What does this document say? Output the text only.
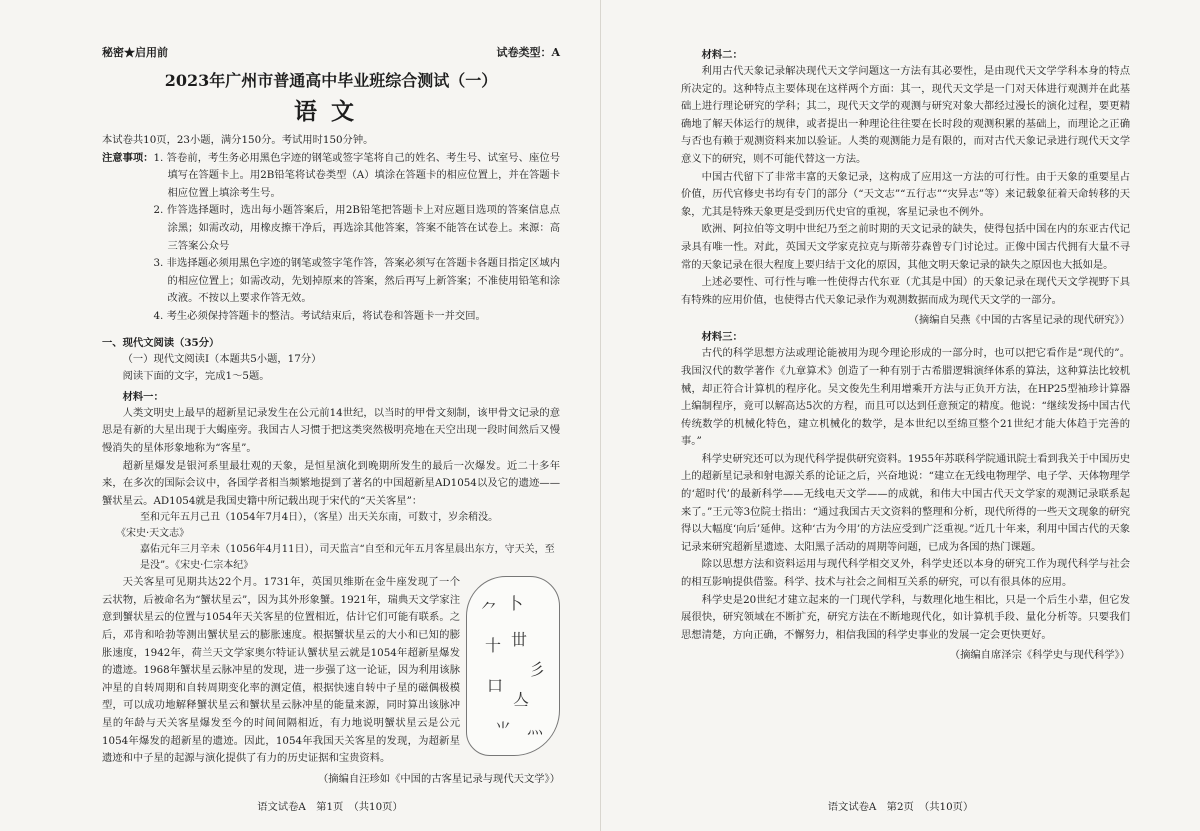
秘密★启用前	试卷类型：A
2023年广州市普通高中毕业班综合测试（一）
语文

本试卷共10页，23小题，满分150分。考试用时150分钟。

注意事项： 1. 答卷前，考生务必用黑色字迹的钢笔或签字笔将自己的姓名、考生号、试室号、座位号填写在答题卡上。用2B铅笔将试卷类型（A）填涂在答题卡的相应位置上，并在答题卡相应位置上填涂考生号。
2. 作答选择题时，选出每小题答案后，用2B铅笔把答题卡上对应题目选项的答案信息点涂黑；如需改动，用橡皮擦干净后，再选涂其他答案，答案不能答在试卷上。来源：高三答案公众号
3. 非选择题必须用黑色字迹的钢笔或签字笔作答，答案必须写在答题卡各题目指定区域内的相应位置上；如需改动，先划掉原来的答案，然后再写上新答案；不准使用铅笔和涂改液。不按以上要求作答无效。
4. 考生必须保持答题卡的整洁。考试结束后，将试卷和答题卡一并交回。
一、现代文阅读（35分）

（一）现代文阅读Ⅰ（本题共5小题，17分）

阅读下面的文字，完成1～5题。

材料一：

人类文明史上最早的超新星记录发生在公元前14世纪，以当时的甲骨文刻制，该甲骨文记录的意思是有新的大星出现于大蝎座旁。我国古人习惯于把这类突然极明亮地在天空出现一段时间然后又慢慢消失的星体形象地称为“客星”。

超新星爆发是银河系里最壮观的天象，是恒星演化到晚期所发生的最后一次爆发。近二十多年来，在多次的国际会议中，各国学者相当频繁地提到了著名的中国超新星AD1054以及它的遗迹——蟹状星云。AD1054就是我国史籍中所记载出现于宋代的“天关客星”：

至和元年五月己丑（1054年7月4日），（客星）出天关东南，可数寸，岁余稍没。

《宋史·天文志》

嘉佑元年三月辛未（1056年4月11日），司天监言“自至和元年五月客星晨出东方，守天关，至是没”。《宋史·仁宗本纪》

⺈ 卜
十 丗
彡
口
亼
⺌ 灬

天关客星可见期共达22个月。1731年，英国贝维斯在金牛座发现了一个云状物，后被命名为“蟹状星云”，因为其外形象蟹。1921年，瑞典天文学家注意到蟹状星云的位置与1054年天关客星的位置相近，估计它们可能有联系。之后，邓肯和哈勃等测出蟹状星云的膨胀速度。根据蟹状星云的大小和已知的膨胀速度，1942年，荷兰天文学家奥尔特证认蟹状星云就是1054年超新星爆发的遗迹。1968年蟹状星云脉冲星的发现，进一步强了这一论证，因为利用该脉冲星的自转周期和自转周期变化率的测定值，根据快速自转中子星的磁偶极模型，可以成功地解释蟹状星云和蟹状星云脉冲星的能量来源，同时算出该脉冲星的年龄与天关客星爆发至今的时间间隔相近，有力地说明蟹状星云是公元1054年爆发的超新星的遗迹。因此，1054年我国天关客星的发现，为超新星遗迹和中子星的起源与演化提供了有力的历史证据和宝贵资料。

（摘编自汪珍如《中国的古客星记录与现代天文学》）
语文试卷A　第1页　（共10页）
材料二：

利用古代天象记录解决现代天文学问题这一方法有其必要性，是由现代天文学学科本身的特点所决定的。这种特点主要体现在这样两个方面：其一，现代天文学是一门对天体进行观测并在此基础上进行理论研究的学科；其二，现代天文学的观测与研究对象大都经过漫长的演化过程，要更精确地了解天体运行的规律，或者提出一种理论往往要在长时段的观测积累的基础上，而理论之正确与否也有赖于观测资料来加以验证。人类的观测能力是有限的，而对古代天象记录进行现代天文学意义下的研究，则不可能代替这一方法。

中国古代留下了非常丰富的天象记录，这构成了应用这一方法的可行性。由于天象的重要星占价值，历代官修史书均有专门的部分（“天文志”“五行志”“灾异志”等）来记载象征着天命转移的天象，尤其是特殊天象更是受到历代史官的重视，客星记录也不例外。

欧洲、阿拉伯等文明中世纪乃至之前时期的天文记录的缺失，使得包括中国在内的东亚古代记录具有唯一性。对此，英国天文学家克拉克与斯蒂芬森曾专门讨论过。正像中国古代拥有大量不寻常的天象记录在很大程度上要归结于文化的原因，其他文明天象记录的缺失之原因也大抵如是。

上述必要性、可行性与唯一性使得古代东亚（尤其是中国）的天象记录在现代天文学视野下具有特殊的应用价值，也使得古代天象记录作为观测数据而成为现代天文学的一部分。

（摘编自吴燕《中国的古客星记录的现代研究》）
材料三：

古代的科学思想方法或理论能被用为现今理论形成的一部分时，也可以把它看作是“现代的”。我国汉代的数学著作《九章算术》创造了一种有别于古希腊逻辑演绎体系的算法，这种算法比较机械，却正符合计算机的程序化。吴文俊先生利用增乘开方法与正负开方法，在HP25型袖珍计算器上编制程序，竟可以解高达5次的方程，而且可以达到任意预定的精度。他说：“继续发扬中国古代传统数学的机械化特色，建立机械化的数学，是本世纪以至绵亘整个21世纪才能大体趋于完善的事。”

科学史研究还可以为现代科学提供研究资料。1955年苏联科学院通讯院士看到我关于中国历史上的超新星记录和射电源关系的论证之后，兴奋地说：“建立在无线电物理学、电子学、天体物理学的‘超时代’的最新科学——无线电天文学——的成就，和伟大中国古代天文学家的观测记录联系起来了。”王元等3位院士指出：“通过我国古天文资料的整理和分析，现代所得的一些天文现象的研究得以大幅度‘向后’延伸。这种‘古为今用’的方法应受到广泛重视。”近几十年来，利用中国古代的天象记录来研究超新星遗迹、太阳黑子活动的周期等问题，已成为各国的热门课题。

除以思想方法和资料运用与现代科学相交叉外，科学史还以本身的研究工作为现代科学与社会的相互影响提供借鉴。科学、技术与社会之间相互关系的研究，可以有很具体的应用。

科学史是20世纪才建立起来的一门现代学科，与数理化地生相比，只是一个后生小辈，但它发展很快，研究领域在不断扩充，研究方法在不断地现代化，如计算机手段、量化分析等。只要我们思想清楚，方向正确，不懈努力，相信我国的科学史事业的发展一定会更快更好。

（摘编自席泽宗《科学史与现代科学》）
语文试卷A　第2页　（共10页）
